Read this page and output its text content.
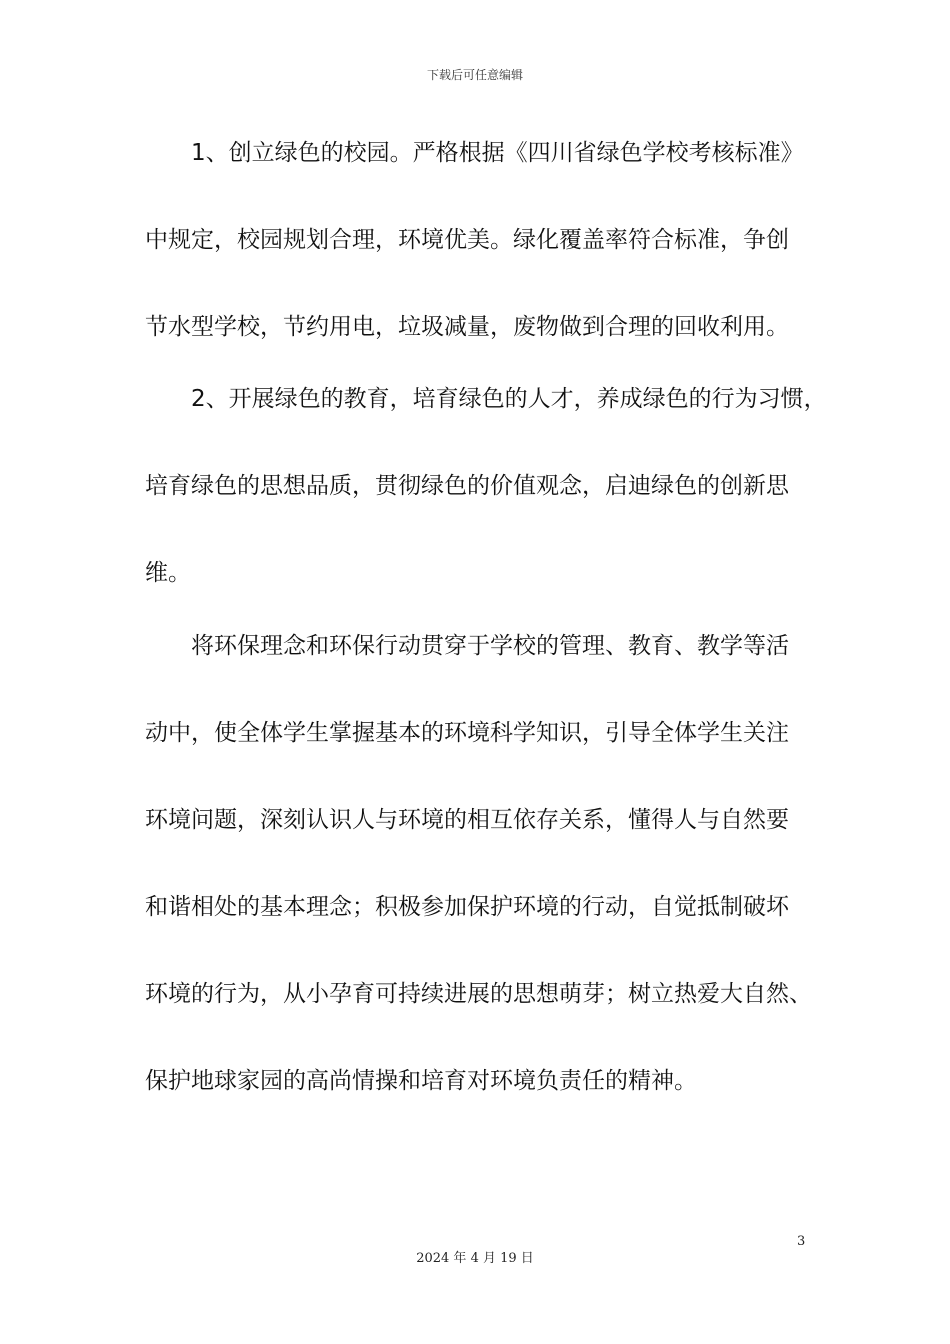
下载后可任意编辑
　　1、创立绿色的校园。严格根据《四川省绿色学校考核标准》
中规定，校园规划合理，环境优美。绿化覆盖率符合标准，争创
节水型学校，节约用电，垃圾减量，废物做到合理的回收利用。
　　2、开展绿色的教育，培育绿色的人才，养成绿色的行为习惯，
培育绿色的思想品质，贯彻绿色的价值观念，启迪绿色的创新思
维。
　　将环保理念和环保行动贯穿于学校的管理、教育、教学等活
动中，使全体学生掌握基本的环境科学知识，引导全体学生关注
环境问题，深刻认识人与环境的相互依存关系，懂得人与自然要
和谐相处的基本理念；积极参加保护环境的行动，自觉抵制破坏
环境的行为，从小孕育可持续进展的思想萌芽；树立热爱大自然、
保护地球家园的高尚情操和培育对环境负责任的精神。
3
2024 年 4 月 19 日
